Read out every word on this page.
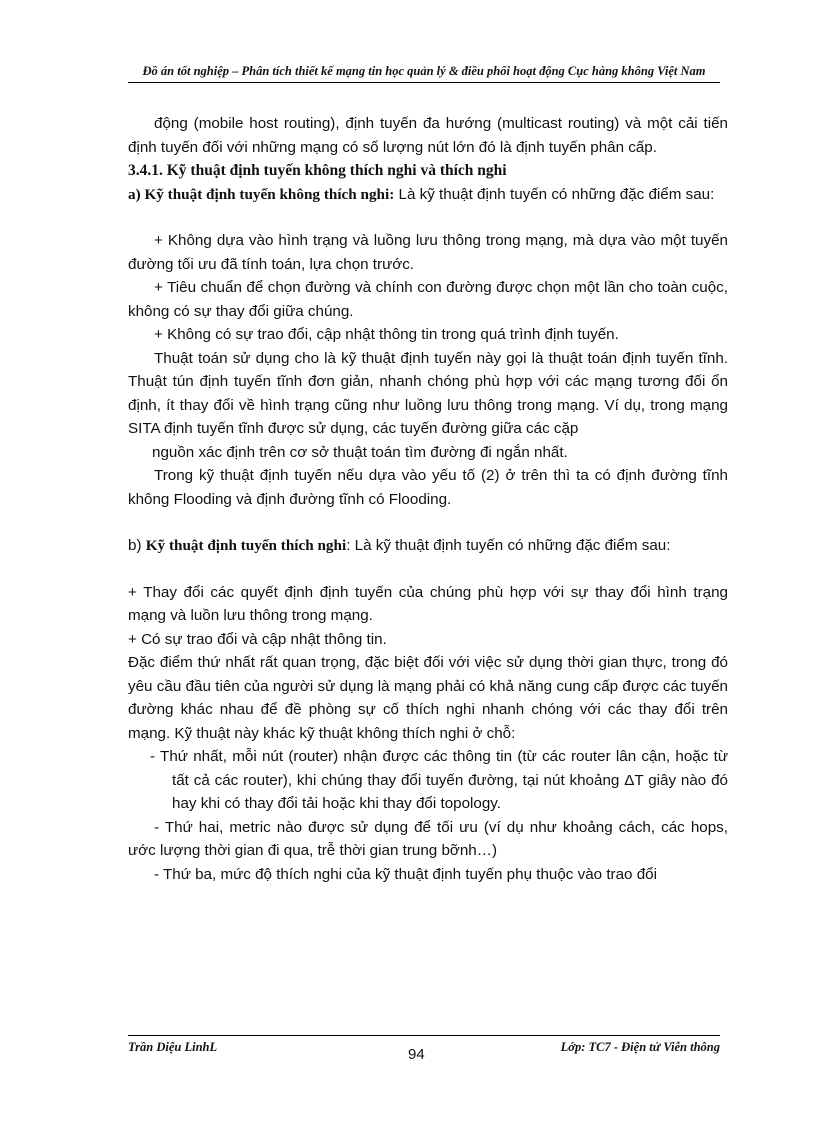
Đồ án tốt nghiệp – Phân tích thiết kế mạng tin học quản lý & điều phối hoạt động Cục hàng không Việt Nam

động (mobile host routing), định tuyến đa hướng (multicast routing) và một cải tiến định tuyến đối với những mạng có số lượng nút lớn đó là định tuyến phân cấp.

3.4.1. Kỹ thuật định tuyến không thích nghi và thích nghi

a) Kỹ thuật định tuyến không thích nghi: Là kỹ thuật định tuyến có những đặc điểm sau:

+ Không dựa vào hình trạng và luồng lưu thông trong mạng, mà dựa vào một tuyến đường tối ưu đã tính toán, lựa chọn trước.

+ Tiêu chuẩn để chọn đường và chính con đường được chọn một lần cho toàn cuộc, không có sự thay đổi giữa chúng.

+ Không có sự trao đổi, cập nhật thông tin trong quá trình định tuyến.

Thuật toán sử dụng cho là kỹ thuật định tuyến này gọi là thuật toán định tuyến tĩnh. Thuật tún định tuyến tĩnh đơn giản, nhanh chóng phù hợp với các mạng tương đối ổn định, ít thay đổi về hình trạng cũng như luồng lưu thông trong mạng. Ví dụ, trong mạng SITA định tuyến tĩnh được sử dụng, các tuyến đường giữa các cặp

nguồn xác định trên cơ sở thuật toán tìm đường đi ngắn nhất.

Trong kỹ thuật định tuyến nếu dựa vào yếu tố (2) ở trên thì ta có định đường tĩnh không Flooding và định đường tĩnh có Flooding.

b) Kỹ thuật định tuyến thích nghi: Là kỹ thuật định tuyến có những đặc điểm sau:

+ Thay đổi các quyết định định tuyến của chúng phù hợp với sự thay đổi hình trạng mạng và luồn lưu thông trong mạng.

+ Có sự trao đổi và cập nhật thông tin.

Đặc điểm thứ nhất rất quan trọng, đặc biệt đối với việc sử dụng thời gian thực, trong đó yêu cầu đầu tiên của người sử dụng là mạng phải có khả năng cung cấp được các tuyến đường khác nhau để đề phòng sự cố thích nghi nhanh chóng với các thay đổi trên mạng. Kỹ thuật này khác kỹ thuật không thích nghi ở chỗ:

- Thứ nhất, mỗi nút (router) nhận được các thông tin (từ các router lân cận, hoặc từ tất cả các router), khi chúng thay đổi tuyến đường, tại nút khoảng ΔT giây nào đó hay khi có thay đổi tải hoặc khi thay đổi topology.

- Thứ hai, metric nào được sử dụng để tối ưu (ví dụ như khoảng cách, các hops, ước lượng thời gian đi qua, trễ thời gian trung bỡnh…)

- Thứ ba, mức độ thích nghi của kỹ thuật định tuyến phụ thuộc vào trao đổi

Trần Diệu LinhL	94	Lớp: TC7 - Điện tử Viễn thông
